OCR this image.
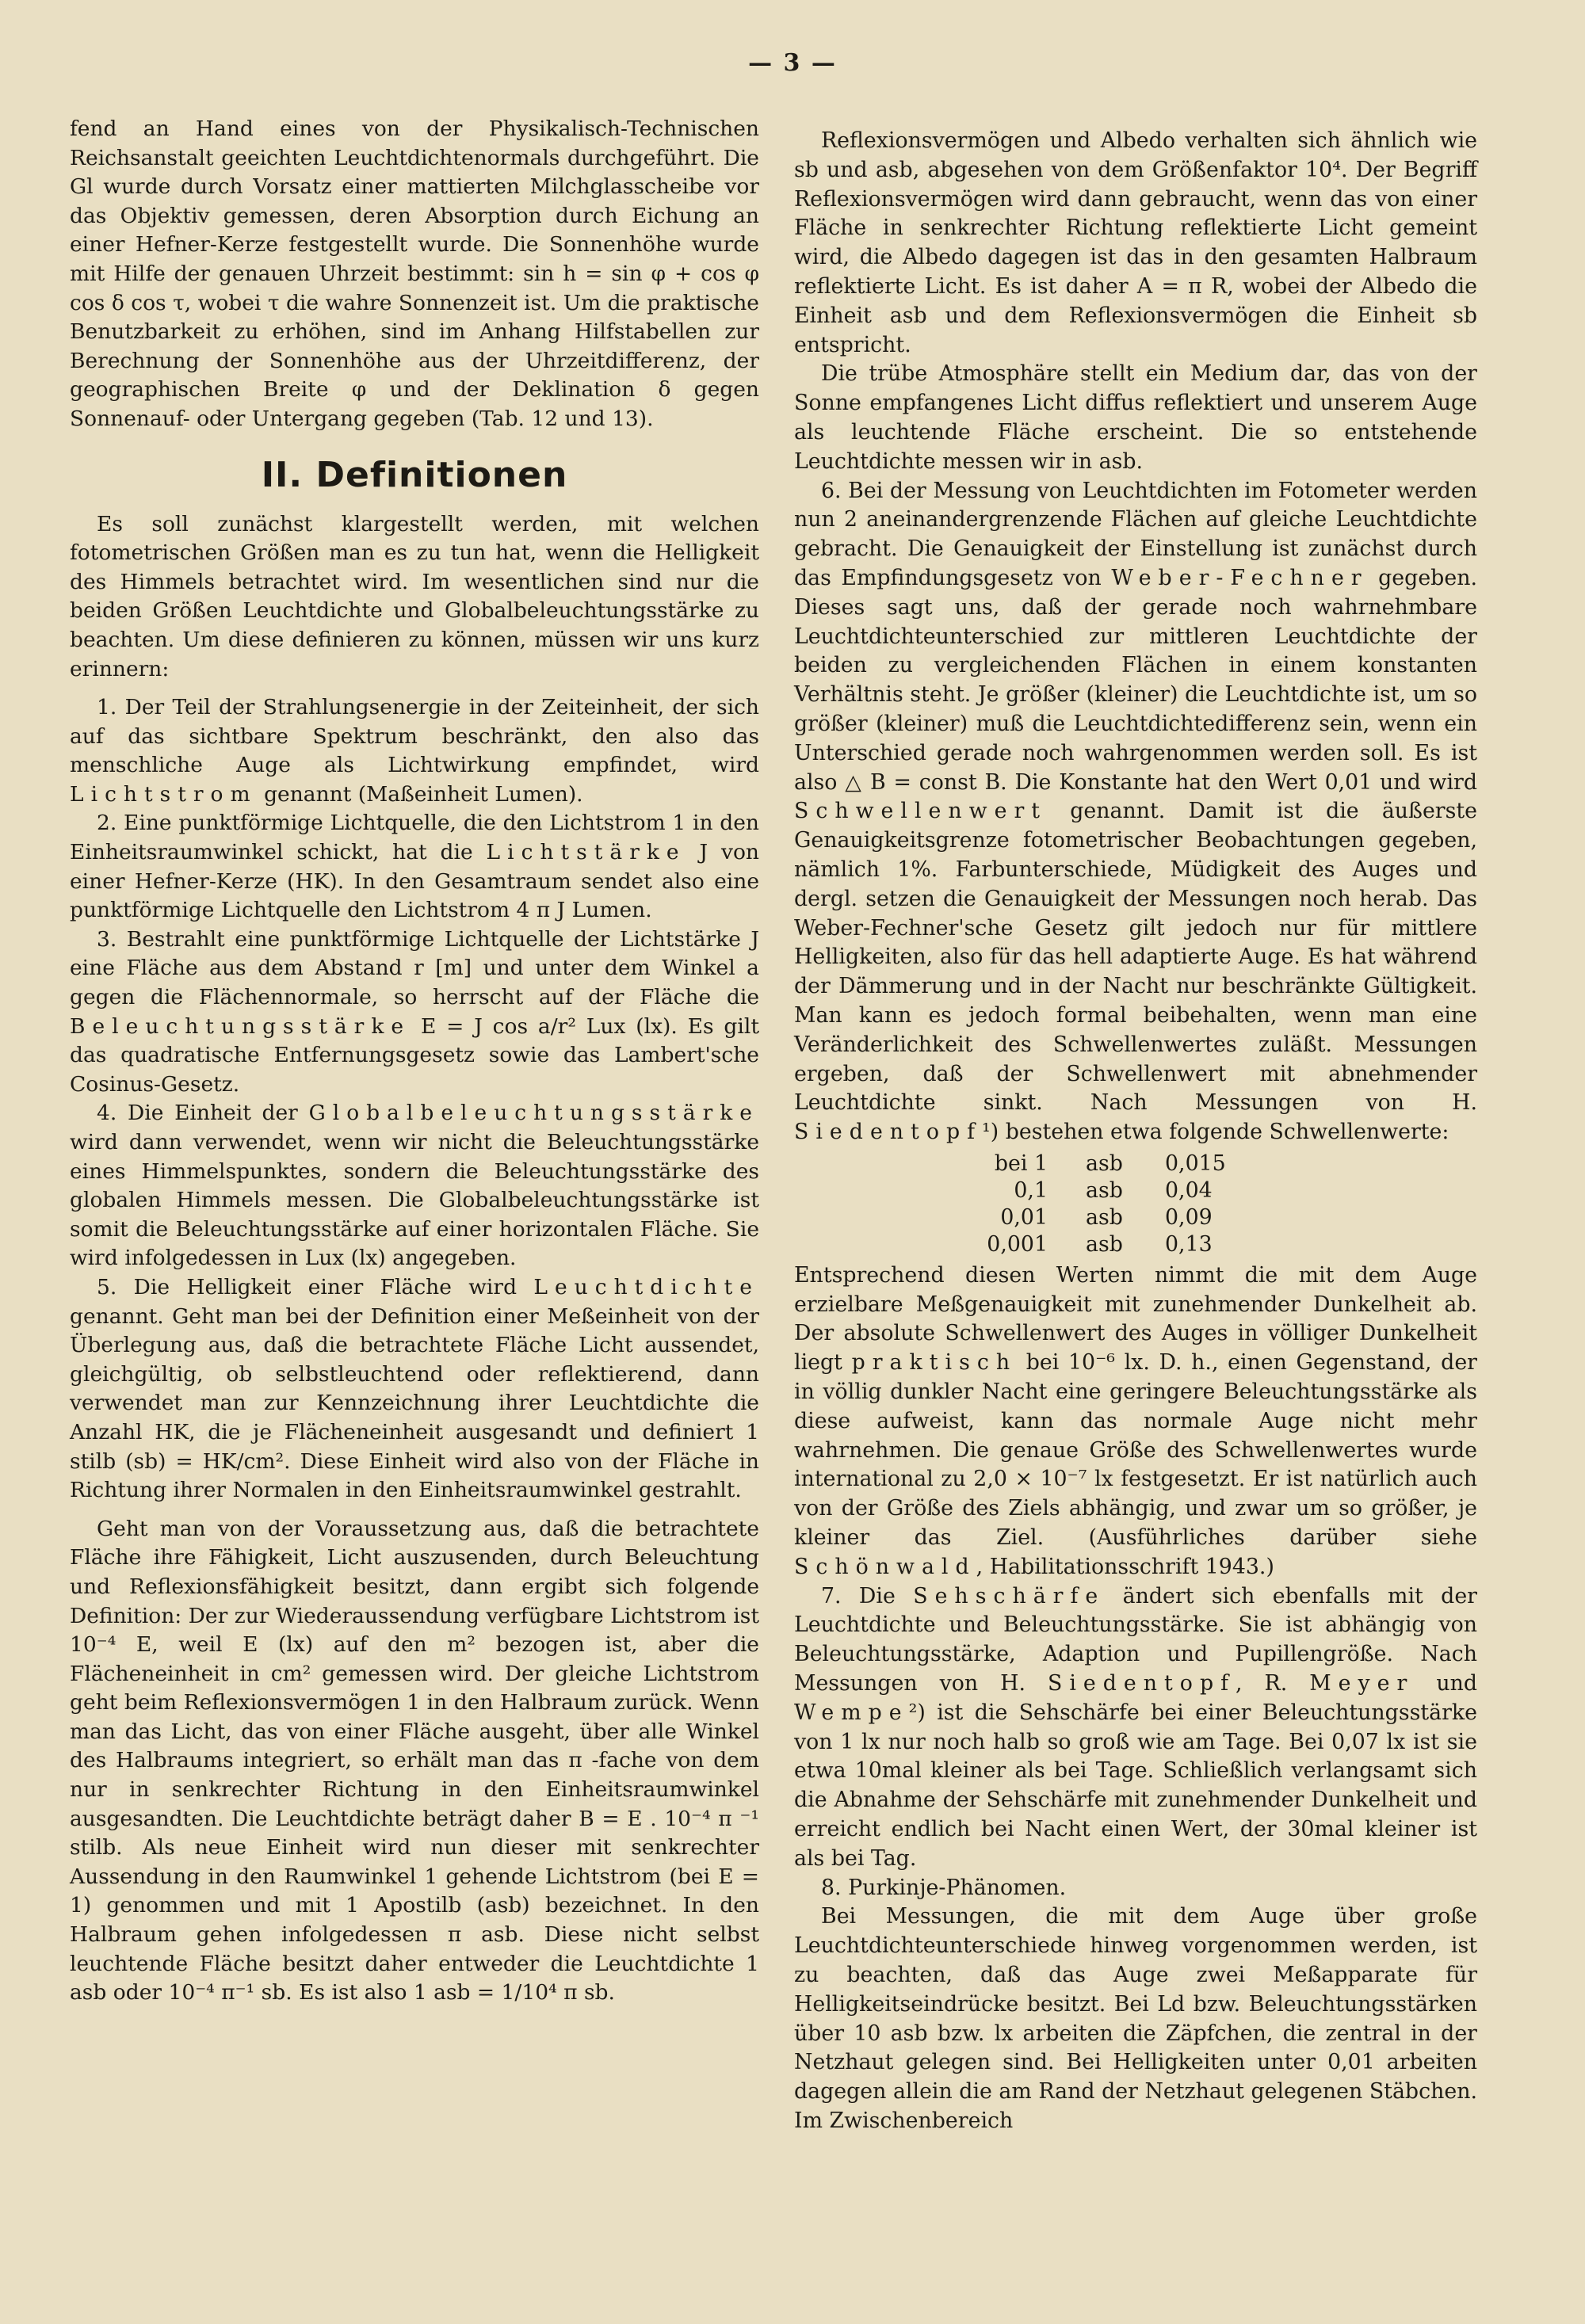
— 3 —

fend an Hand eines von der Physikalisch-Technischen Reichsanstalt geeichten Leuchtdichtenormals durchgeführt. Die Gl wurde durch Vorsatz einer mattierten Milchglasscheibe vor das Objektiv gemessen, deren Absorption durch Eichung an einer Hefner-Kerze festgestellt wurde. Die Sonnenhöhe wurde mit Hilfe der genauen Uhrzeit bestimmt: sin h = sin φ + cos φ cos δ cos τ, wobei τ die wahre Sonnenzeit ist. Um die praktische Benutzbarkeit zu erhöhen, sind im Anhang Hilfstabellen zur Berechnung der Sonnenhöhe aus der Uhrzeitdifferenz, der geographischen Breite φ und der Deklination δ gegen Sonnenauf- oder Untergang gegeben (Tab. 12 und 13).

II. Definitionen

Es soll zunächst klargestellt werden, mit welchen fotometrischen Größen man es zu tun hat, wenn die Helligkeit des Himmels betrachtet wird. Im wesentlichen sind nur die beiden Größen Leuchtdichte und Globalbeleuchtungsstärke zu beachten. Um diese definieren zu können, müssen wir uns kurz erinnern:

1. Der Teil der Strahlungsenergie in der Zeiteinheit, der sich auf das sichtbare Spektrum beschränkt, den also das menschliche Auge als Lichtwirkung empfindet, wird Lichtstrom genannt (Maßeinheit Lumen).

2. Eine punktförmige Lichtquelle, die den Lichtstrom 1 in den Einheitsraumwinkel schickt, hat die Lichtstärke J von einer Hefner-Kerze (HK). In den Gesamtraum sendet also eine punktförmige Lichtquelle den Lichtstrom 4 π J Lumen.

3. Bestrahlt eine punktförmige Lichtquelle der Lichtstärke J eine Fläche aus dem Abstand r [m] und unter dem Winkel a gegen die Flächennormale, so herrscht auf der Fläche die Beleuchtungsstärke E = J cos a/r² Lux (lx). Es gilt das quadratische Entfernungsgesetz sowie das Lambert'sche Cosinus-Gesetz.

4. Die Einheit der Globalbeleuchtungsstärke wird dann verwendet, wenn wir nicht die Beleuchtungsstärke eines Himmelspunktes, sondern die Beleuchtungsstärke des globalen Himmels messen. Die Globalbeleuchtungsstärke ist somit die Beleuchtungsstärke auf einer horizontalen Fläche. Sie wird infolgedessen in Lux (lx) angegeben.

5. Die Helligkeit einer Fläche wird Leuchtdichte genannt. Geht man bei der Definition einer Meßeinheit von der Überlegung aus, daß die betrachtete Fläche Licht aussendet, gleichgültig, ob selbstleuchtend oder reflektierend, dann verwendet man zur Kennzeichnung ihrer Leuchtdichte die Anzahl HK, die je Flächeneinheit ausgesandt und definiert 1 stilb (sb) = HK/cm². Diese Einheit wird also von der Fläche in Richtung ihrer Normalen in den Einheitsraumwinkel gestrahlt.

Geht man von der Voraussetzung aus, daß die betrachtete Fläche ihre Fähigkeit, Licht auszusenden, durch Beleuchtung und Reflexionsfähigkeit besitzt, dann ergibt sich folgende Definition: Der zur Wiederaussendung verfügbare Lichtstrom ist 10⁻⁴ E, weil E (lx) auf den m² bezogen ist, aber die Flächeneinheit in cm² gemessen wird. Der gleiche Lichtstrom geht beim Reflexionsvermögen 1 in den Halbraum zurück. Wenn man das Licht, das von einer Fläche ausgeht, über alle Winkel des Halbraums integriert, so erhält man das π -fache von dem nur in senkrechter Richtung in den Einheitsraumwinkel ausgesandten. Die Leuchtdichte beträgt daher B = E . 10⁻⁴ π ⁻¹ stilb. Als neue Einheit wird nun dieser mit senkrechter Aussendung in den Raumwinkel 1 gehende Lichtstrom (bei E = 1) genommen und mit 1 Apostilb (asb) bezeichnet. In den Halbraum gehen infolgedessen π asb. Diese nicht selbst leuchtende Fläche besitzt daher entweder die Leuchtdichte 1 asb oder 10⁻⁴ π⁻¹ sb. Es ist also 1 asb = 1/10⁴ π sb.

Reflexionsvermögen und Albedo verhalten sich ähnlich wie sb und asb, abgesehen von dem Größenfaktor 10⁴. Der Begriff Reflexionsvermögen wird dann gebraucht, wenn das von einer Fläche in senkrechter Richtung reflektierte Licht gemeint wird, die Albedo dagegen ist das in den gesamten Halbraum reflektierte Licht. Es ist daher A = π R, wobei der Albedo die Einheit asb und dem Reflexionsvermögen die Einheit sb entspricht.

Die trübe Atmosphäre stellt ein Medium dar, das von der Sonne empfangenes Licht diffus reflektiert und unserem Auge als leuchtende Fläche erscheint. Die so entstehende Leuchtdichte messen wir in asb.

6. Bei der Messung von Leuchtdichten im Fotometer werden nun 2 aneinandergrenzende Flächen auf gleiche Leuchtdichte gebracht. Die Genauigkeit der Einstellung ist zunächst durch das Empfindungsgesetz von Weber-Fechner gegeben. Dieses sagt uns, daß der gerade noch wahrnehmbare Leuchtdichteunterschied zur mittleren Leuchtdichte der beiden zu vergleichenden Flächen in einem konstanten Verhältnis steht. Je größer (kleiner) die Leuchtdichte ist, um so größer (kleiner) muß die Leuchtdichtedifferenz sein, wenn ein Unterschied gerade noch wahrgenommen werden soll. Es ist also △ B = const B. Die Konstante hat den Wert 0,01 und wird Schwellenwert genannt. Damit ist die äußerste Genauigkeitsgrenze fotometrischer Beobachtungen gegeben, nämlich 1%. Farbunterschiede, Müdigkeit des Auges und dergl. setzen die Genauigkeit der Messungen noch herab. Das Weber-Fechner'sche Gesetz gilt jedoch nur für mittlere Helligkeiten, also für das hell adaptierte Auge. Es hat während der Dämmerung und in der Nacht nur beschränkte Gültigkeit. Man kann es jedoch formal beibehalten, wenn man eine Veränderlichkeit des Schwellenwertes zuläßt. Messungen ergeben, daß der Schwellenwert mit abnehmender Leuchtdichte sinkt. Nach Messungen von H. Siedentopf¹) bestehen etwa folgende Schwellenwerte:

bei 1	asb	0,015
0,1	asb	0,04
0,01	asb	0,09
0,001	asb	0,13

Entsprechend diesen Werten nimmt die mit dem Auge erzielbare Meßgenauigkeit mit zunehmender Dunkelheit ab. Der absolute Schwellenwert des Auges in völliger Dunkelheit liegt praktisch bei 10⁻⁶ lx. D. h., einen Gegenstand, der in völlig dunkler Nacht eine geringere Beleuchtungsstärke als diese aufweist, kann das normale Auge nicht mehr wahrnehmen. Die genaue Größe des Schwellenwertes wurde international zu 2,0 × 10⁻⁷ lx festgesetzt. Er ist natürlich auch von der Größe des Ziels abhängig, und zwar um so größer, je kleiner das Ziel. (Ausführliches darüber siehe Schönwald, Habilitationsschrift 1943.)

7. Die Sehschärfe ändert sich ebenfalls mit der Leuchtdichte und Beleuchtungsstärke. Sie ist abhängig von Beleuchtungsstärke, Adaption und Pupillengröße. Nach Messungen von H. Siedentopf, R. Meyer und Wempe²) ist die Sehschärfe bei einer Beleuchtungsstärke von 1 lx nur noch halb so groß wie am Tage. Bei 0,07 lx ist sie etwa 10mal kleiner als bei Tage. Schließlich verlangsamt sich die Abnahme der Sehschärfe mit zunehmender Dunkelheit und erreicht endlich bei Nacht einen Wert, der 30mal kleiner ist als bei Tag.

8. Purkinje-Phänomen.

Bei Messungen, die mit dem Auge über große Leuchtdichteunterschiede hinweg vorgenommen werden, ist zu beachten, daß das Auge zwei Meßapparate für Helligkeitseindrücke besitzt. Bei Ld bzw. Beleuchtungsstärken über 10 asb bzw. lx arbeiten die Zäpfchen, die zentral in der Netzhaut gelegen sind. Bei Helligkeiten unter 0,01 arbeiten dagegen allein die am Rand der Netzhaut gelegenen Stäbchen. Im Zwischenbereich
